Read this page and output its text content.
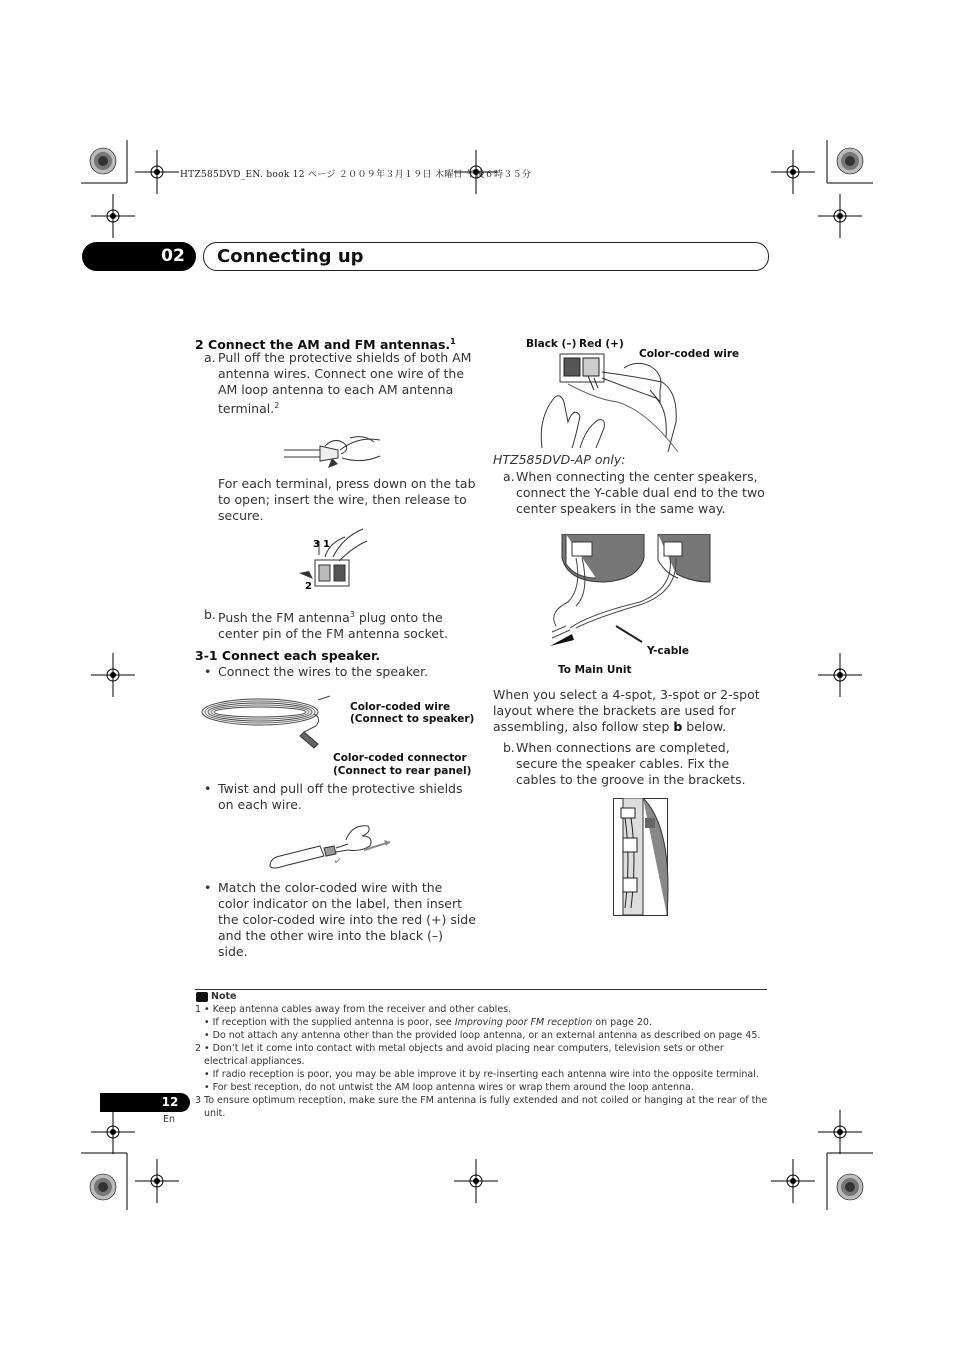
HTZ585DVD_EN. book 12 ページ ２００９年３月１９日 木曜日 午後６時３５分
02	Connecting up
2 Connect the AM and FM antennas.$^1$
a. Pull off the protective shields of both AM antenna wires. Connect one wire of the AM loop antenna to each AM antenna terminal.$^2$
For each terminal, press down on the tab to open; insert the wire, then release to secure.
3 1
2
b. Push the FM antenna$^3$ plug onto the center pin of the FM antenna socket.
3-1 Connect each speaker.
• Connect the wires to the speaker.
Color-coded wire
(Connect to speaker)
Color-coded connector
(Connect to rear panel)
• Twist and pull off the protective shields on each wire.
• Match the color-coded wire with the color indicator on the label, then insert the color-coded wire into the red (+) side and the other wire into the black (–) side.
Black (–) Red (+)
Color-coded wire
HTZ585DVD-AP only:
a. When connecting the center speakers, connect the Y-cable dual end to the two center speakers in the same way.
Y-cable
To Main Unit
When you select a 4-spot, 3-spot or 2-spot layout where the brackets are used for assembling, also follow step b below.
b. When connections are completed, secure the speaker cables. Fix the cables to the groove in the brackets.
Note
1 • Keep antenna cables away from the receiver and other cables.
• If reception with the supplied antenna is poor, see Improving poor FM reception on page 20.
• Do not attach any antenna other than the provided loop antenna, or an external antenna as described on page 45.
2 • Don’t let it come into contact with metal objects and avoid placing near computers, television sets or other electrical appliances.
• If radio reception is poor, you may be able improve it by re-inserting each antenna wire into the opposite terminal.
• For best reception, do not untwist the AM loop antenna wires or wrap them around the loop antenna.
3 To ensure optimum reception, make sure the FM antenna is fully extended and not coiled or hanging at the rear of the unit.
12
En
